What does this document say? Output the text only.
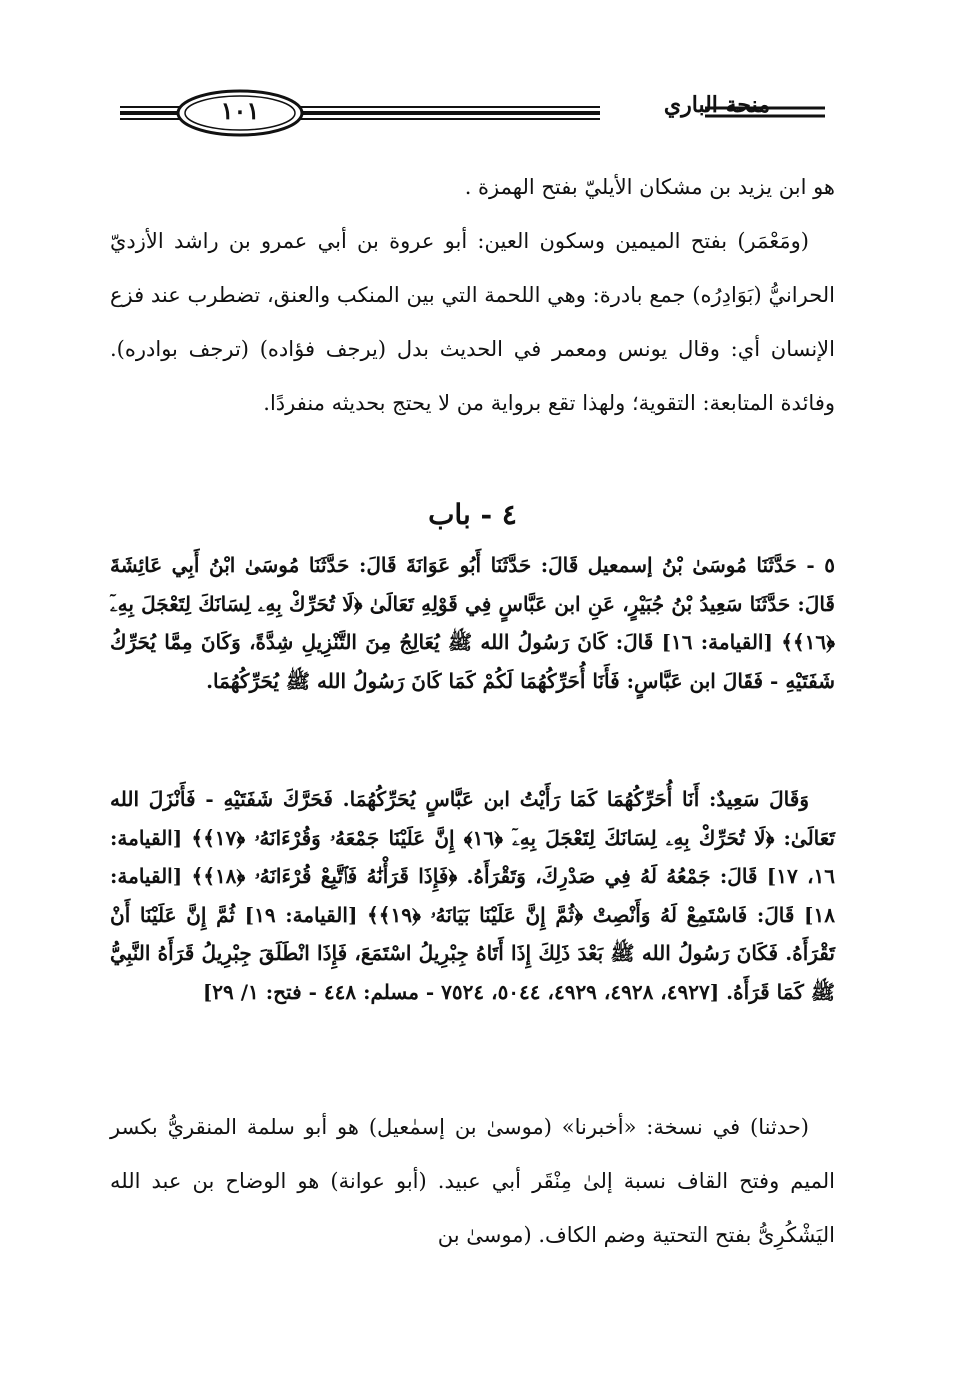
منحة الباري
١٠١

هو ابن يزيد بن مشكان الأيليّ بفتح الهمزة .

(ومَعْمَر) بفتح الميمين وسكون العين: أبو عروة بن أبي عمرو بن راشد الأزديّ الحرانيُّ (بَوَادِرُه) جمع بادرة: وهي اللحمة التي بين المنكب والعنق، تضطرب عند فزع الإنسان أي: وقال يونس ومعمر في الحديث بدل (يرجف فؤاده) (ترجف بوادره). وفائدة المتابعة: التقوية؛ ولهذا تقع برواية من لا يحتج بحديثه منفردًا.

٤ - باب

٥ - حَدَّثَنَا مُوسَىٰ بْنُ إسمعيل قَالَ: حَدَّثَنَا أَبُو عَوَانَةَ قَالَ: حَدَّثَنَا مُوسَىٰ ابْنُ أَبِي عَائِشَةَ قَالَ: حَدَّثَنَا سَعِيدُ بْنُ جُبَيْرٍ، عَنِ ابن عَبَّاسٍ فِي قَوْلِهِ تَعَالَىٰ ﴿لَا تُحَرِّكْ بِهِۦ لِسَانَكَ لِتَعْجَلَ بِهِۦٓ ﴿١٦﴾﴾ [القيامة: ١٦] قَالَ: كَانَ رَسُولُ الله ﷺ يُعَالِجُ مِنَ التَّنْزِيلِ شِدَّةً، وَكَانَ مِمَّا يُحَرِّكُ شَفَتَيْهِ - فَقَالَ ابن عَبَّاسٍ: فَأَنَا أُحَرِّكُهُمَا لَكُمْ كَمَا كَانَ رَسُولُ الله ﷺ يُحَرِّكُهُمَا.

وَقَالَ سَعِيدٌ: أَنَا أُحَرِّكُهُمَا كَمَا رَأَيْتُ ابن عَبَّاسٍ يُحَرِّكُهُمَا. فَحَرَّكَ شَفَتَيْهِ - فَأَنْزَلَ الله تَعَالَىٰ: ﴿لَا تُحَرِّكْ بِهِۦ لِسَانَكَ لِتَعْجَلَ بِهِۦٓ ﴿١٦﴾ إِنَّ عَلَيْنَا جَمْعَهُۥ وَقُرْءَانَهُۥ ﴿١٧﴾﴾ [القيامة: ١٦، ١٧] قَالَ: جَمْعُهُ لَهُ فِي صَدْرِكَ، وَتَقْرَأَهُ. ﴿فَإِذَا قَرَأْنَٰهُ فَٱتَّبِعْ قُرْءَانَهُۥ ﴿١٨﴾﴾ [القيامة: ١٨] قَالَ: فَاسْتَمِعْ لَهُ وَأَنْصِتْ ﴿ثُمَّ إِنَّ عَلَيْنَا بَيَانَهُۥ ﴿١٩﴾﴾ [القيامة: ١٩] ثُمَّ إِنَّ عَلَيْنَا أَنْ تَقْرَأَهُ. فَكَانَ رَسُولُ الله ﷺ بَعْدَ ذَلِكَ إِذَا أَتَاهُ جِبْرِيلُ اسْتَمَعَ، فَإِذَا انْطَلَقَ جِبْرِيلُ قَرَأَهُ النَّبِيُّ ﷺ كَمَا قَرَأَهُ. [٤٩٢٧، ٤٩٢٨، ٤٩٢٩، ٥٠٤٤، ٧٥٢٤ - مسلم: ٤٤٨ - فتح: ١/ ٢٩]

(حدثنا) في نسخة: «أخبرنا» (موسىٰ بن إسمٰعيل) هو أبو سلمة المنقريُّ بكسر الميم وفتح القاف نسبة إلىٰ مِنْقَر أبي عبيد. (أبو عوانة) هو الوضاح بن عبد الله اليَشْكُرِىُّ بفتح التحتية وضم الكاف. (موسىٰ بن
